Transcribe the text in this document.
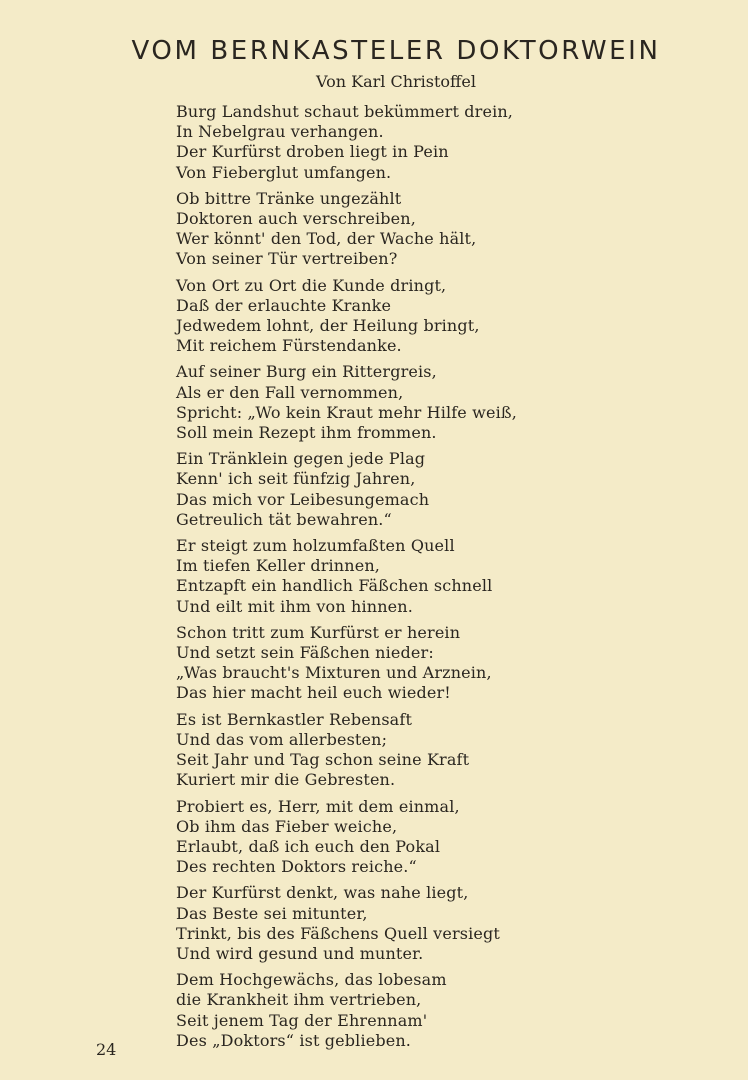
VOM BERNKASTELER DOKTORWEIN

Von Karl Christoffel

Burg Landshut schaut bekümmert drein,
In Nebelgrau verhangen.
Der Kurfürst droben liegt in Pein
Von Fieberglut umfangen.
Ob bittre Tränke ungezählt
Doktoren auch verschreiben,
Wer könnt' den Tod, der Wache hält,
Von seiner Tür vertreiben?
Von Ort zu Ort die Kunde dringt,
Daß der erlauchte Kranke
Jedwedem lohnt, der Heilung bringt,
Mit reichem Fürstendanke.
Auf seiner Burg ein Rittergreis,
Als er den Fall vernommen,
Spricht: „Wo kein Kraut mehr Hilfe weiß,
Soll mein Rezept ihm frommen.
Ein Tränklein gegen jede Plag
Kenn' ich seit fünfzig Jahren,
Das mich vor Leibesungemach
Getreulich tät bewahren.“
Er steigt zum holzumfaßten Quell
Im tiefen Keller drinnen,
Entzapft ein handlich Fäßchen schnell
Und eilt mit ihm von hinnen.
Schon tritt zum Kurfürst er herein
Und setzt sein Fäßchen nieder:
„Was braucht's Mixturen und Arznein,
Das hier macht heil euch wieder!
Es ist Bernkastler Rebensaft
Und das vom allerbesten;
Seit Jahr und Tag schon seine Kraft
Kuriert mir die Gebresten.
Probiert es, Herr, mit dem einmal,
Ob ihm das Fieber weiche,
Erlaubt, daß ich euch den Pokal
Des rechten Doktors reiche.“
Der Kurfürst denkt, was nahe liegt,
Das Beste sei mitunter,
Trinkt, bis des Fäßchens Quell versiegt
Und wird gesund und munter.
Dem Hochgewächs, das lobesam
die Krankheit ihm vertrieben,
Seit jenem Tag der Ehrennam'
Des „Doktors“ ist geblieben.
24
